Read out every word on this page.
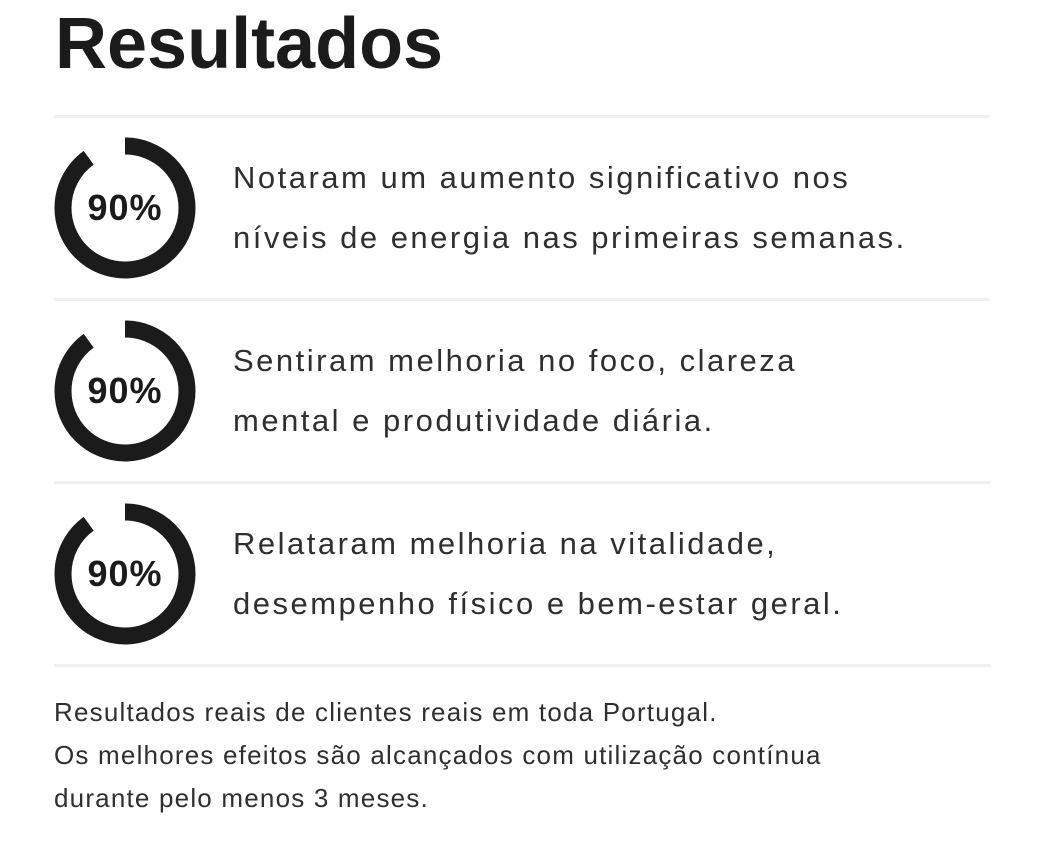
Resultados
90%
Notaram um aumento significativo nos
níveis de energia nas primeiras semanas.
90%
Sentiram melhoria no foco, clareza
mental e produtividade diária.
90%
Relataram melhoria na vitalidade,
desempenho físico e bem-estar geral.
Resultados reais de clientes reais em toda Portugal.
Os melhores efeitos são alcançados com utilização contínua
durante pelo menos 3 meses.
